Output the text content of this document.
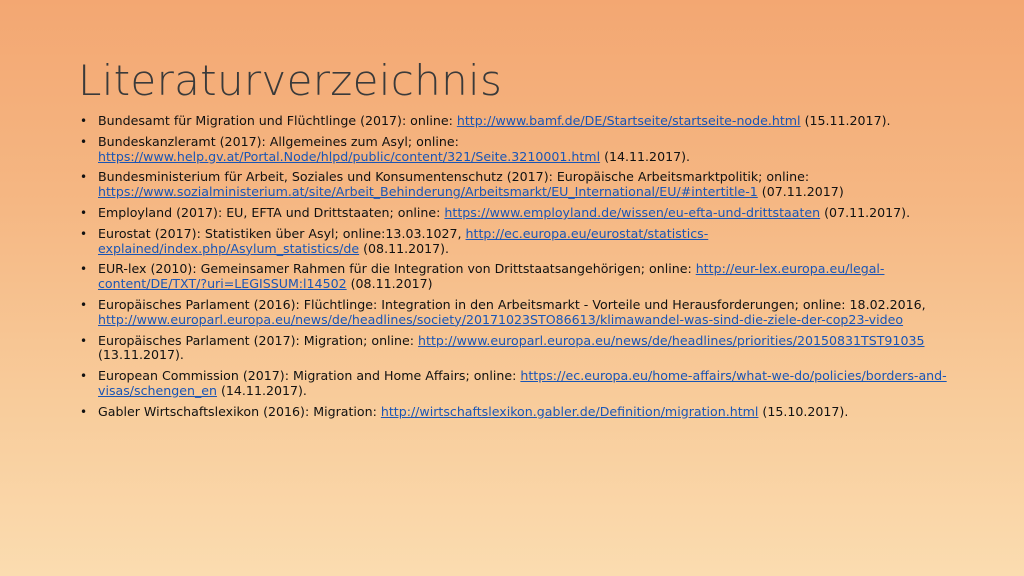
Literaturverzeichnis
• Bundesamt für Migration und Flüchtlinge (2017): online: http://www.bamf.de/DE/Startseite/startseite-node.html (15.11.2017).
• Bundeskanzleramt (2017): Allgemeines zum Asyl; online: https://www.help.gv.at/Portal.Node/hlpd/public/content/321/Seite.3210001.html (14.11.2017).
• Bundesministerium für Arbeit, Soziales und Konsumentenschutz (2017): Europäische Arbeitsmarktpolitik; online: https://www.sozialministerium.at/site/Arbeit_Behinderung/Arbeitsmarkt/EU_International/EU/#intertitle-1 (07.11.2017)
• Employland (2017): EU, EFTA und Drittstaaten; online: https://www.employland.de/wissen/eu-efta-und-drittstaaten (07.11.2017).
• Eurostat (2017): Statistiken über Asyl; online:13.03.1027, http://ec.europa.eu/eurostat/statistics-explained/index.php/Asylum_statistics/de (08.11.2017).
• EUR-lex (2010): Gemeinsamer Rahmen für die Integration von Drittstaatsangehörigen; online: http://eur-lex.europa.eu/legal-content/DE/TXT/?uri=LEGISSUM:l14502 (08.11.2017)
• Europäisches Parlament (2016): Flüchtlinge: Integration in den Arbeitsmarkt - Vorteile und Herausforderungen; online: 18.02.2016, http://www.europarl.europa.eu/news/de/headlines/society/20171023STO86613/klimawandel-was-sind-die-ziele-der-cop23-video
• Europäisches Parlament (2017): Migration; online: http://www.europarl.europa.eu/news/de/headlines/priorities/20150831TST91035 (13.11.2017).
• European Commission (2017): Migration and Home Affairs; online: https://ec.europa.eu/home-affairs/what-we-do/policies/borders-and-visas/schengen_en (14.11.2017).
• Gabler Wirtschaftslexikon (2016): Migration: http://wirtschaftslexikon.gabler.de/Definition/migration.html (15.10.2017).
